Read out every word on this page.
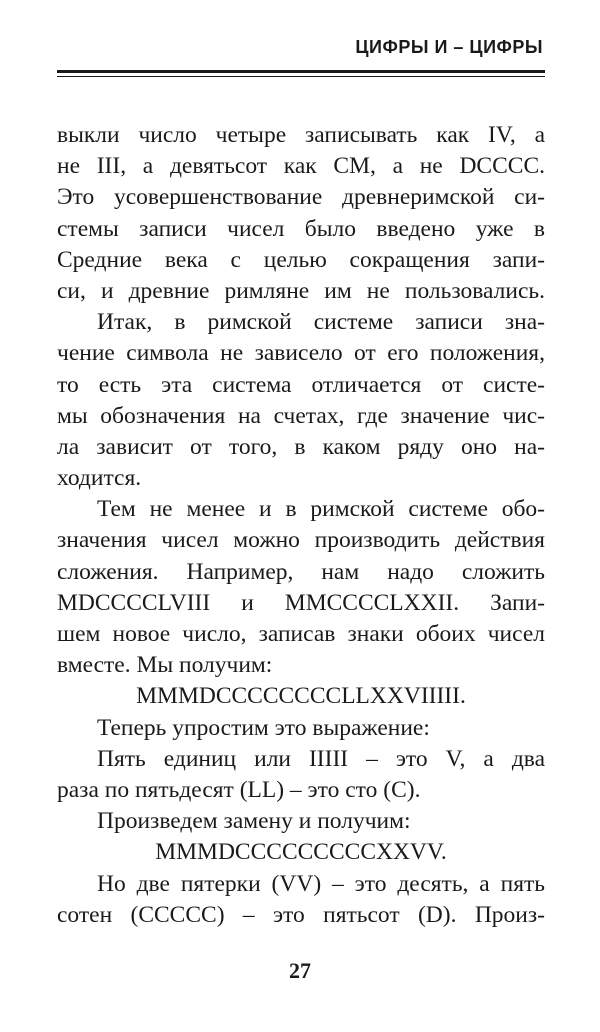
ЦИФРЫ И – ЦИФРЫ
выкли число четыре записывать как IV, а
не III, а девятьсот как CM, а не DCCCC.
Это усовершенствование древнеримской си-
стемы записи чисел было введено уже в
Средние века с целью сокращения запи-
си, и древние римляне им не пользовались.
Итак, в римской системе записи зна-
чение символа не зависело от его положения,
то есть эта система отличается от систе-
мы обозначения на счетах, где значение чис-
ла зависит от того, в каком ряду оно на-
ходится.
Тем не менее и в римской системе обо-
значения чисел можно производить действия
сложения. Например, нам надо сложить
MDCCCCLVIII и MMCCCCLXXII. Запи-
шем новое число, записав знаки обоих чисел
вместе. Мы получим:
MMMDCCCCCCCCLLXXVIIIII.
Теперь упростим это выражение:
Пять единиц или IIIII – это V, а два
раза по пятьдесят (LL) – это сто (C).
Произведем замену и получим:
MMMDCCCCCCCCCXXVV.
Но две пятерки (VV) – это десять, а пять
сотен (CCCCC) – это пятьсот (D). Произ-
27
